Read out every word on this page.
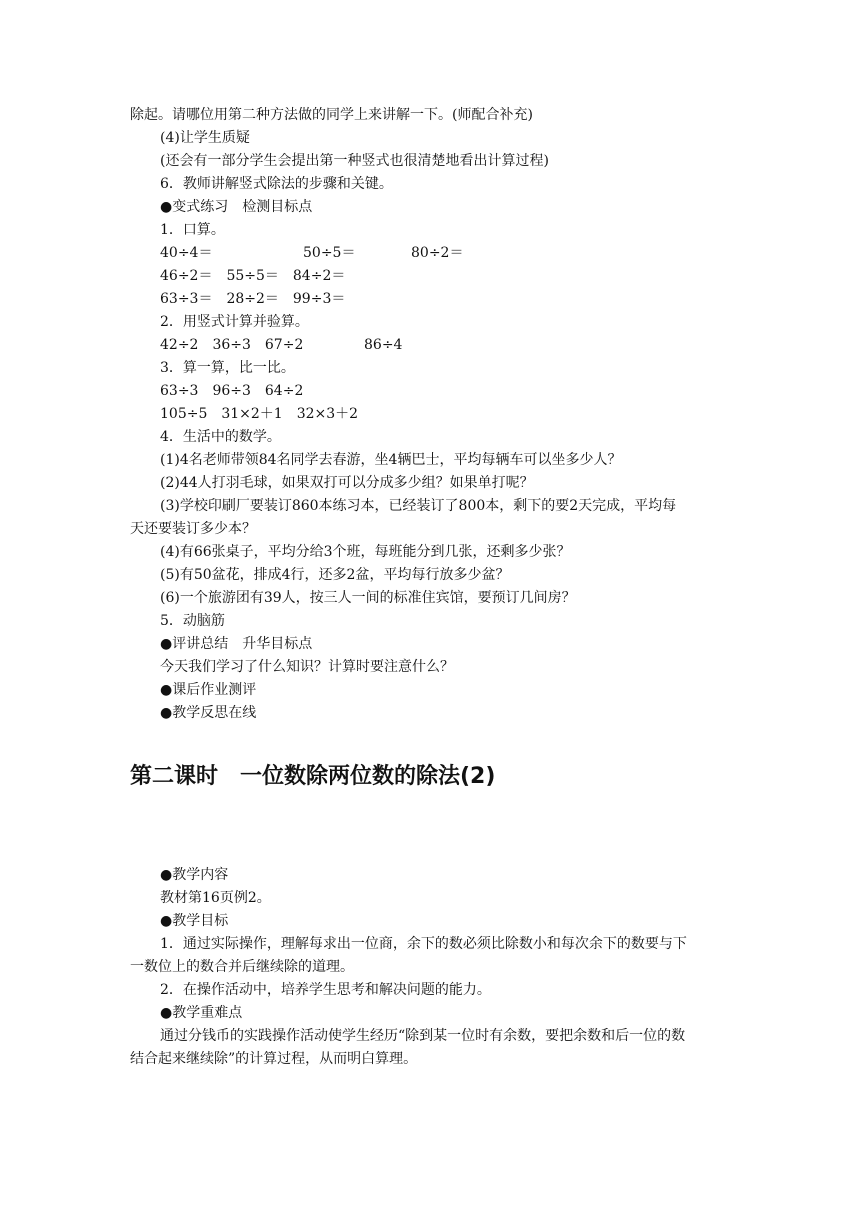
除起。请哪位用第二种方法做的同学上来讲解一下。(师配合补充)
(4)让学生质疑
(还会有一部分学生会提出第一种竖式也很清楚地看出计算过程)
6．教师讲解竖式除法的步骤和关键。
●变式练习　检测目标点
1．口算。
40÷4＝	50÷5＝	80÷2＝
46÷2＝　55÷5＝　84÷2＝
63÷3＝　28÷2＝　99÷3＝
2．用竖式计算并验算。
42÷2　36÷3　67÷2	86÷4
3．算一算，比一比。
63÷3　96÷3　64÷2
105÷5　31×2＋1　32×3＋2
4．生活中的数学。
(1)4名老师带领84名同学去春游，坐4辆巴士，平均每辆车可以坐多少人？
(2)44人打羽毛球，如果双打可以分成多少组？如果单打呢？
(3)学校印刷厂要装订860本练习本，已经装订了800本，剩下的要2天完成，平均每
天还要装订多少本？
(4)有66张桌子，平均分给3个班，每班能分到几张，还剩多少张？
(5)有50盆花，排成4行，还多2盆，平均每行放多少盆？
(6)一个旅游团有39人，按三人一间的标准住宾馆，要预订几间房？
5．动脑筋
●评讲总结　升华目标点
今天我们学习了什么知识？计算时要注意什么？
●课后作业测评
●教学反思在线
第二课时　一位数除两位数的除法(2)
●教学内容
教材第16页例2。
●教学目标
1．通过实际操作，理解每求出一位商，余下的数必须比除数小和每次余下的数要与下
一数位上的数合并后继续除的道理。
2．在操作活动中，培养学生思考和解决问题的能力。
●教学重难点
通过分钱币的实践操作活动使学生经历“除到某一位时有余数，要把余数和后一位的数
结合起来继续除”的计算过程，从而明白算理。
